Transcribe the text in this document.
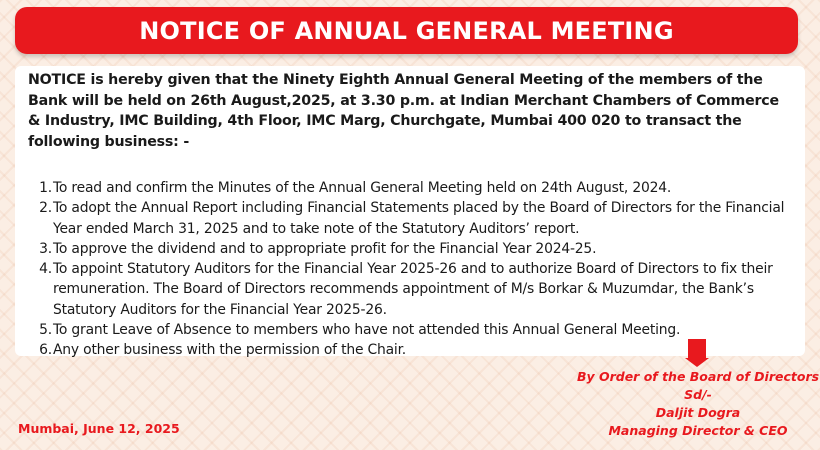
NOTICE OF ANNUAL GENERAL MEETING

NOTICE is hereby given that the Ninety Eighth Annual General Meeting of the members of the Bank will be held on 26th August,2025, at 3.30 p.m. at Indian Merchant Chambers of Commerce & Industry, IMC Building, 4th Floor, IMC Marg, Churchgate, Mumbai 400 020 to transact the following business: -

1. To read and confirm the Minutes of the Annual General Meeting held on 24th August, 2024.
2. To adopt the Annual Report including Financial Statements placed by the Board of Directors for the Financial Year ended March 31, 2025 and to take note of the Statutory Auditors’ report.
3. To approve the dividend and to appropriate profit for the Financial Year 2024-25.
4. To appoint Statutory Auditors for the Financial Year 2025-26 and to authorize Board of Directors to fix their remuneration. The Board of Directors recommends appointment of M/s Borkar & Muzumdar, the Bank’s Statutory Auditors for the Financial Year 2025-26.
5. To grant Leave of Absence to members who have not attended this Annual General Meeting.
6. Any other business with the permission of the Chair.
By Order of the Board of Directors
Sd/-
Daljit Dogra
Managing Director & CEO
Mumbai, June 12, 2025
